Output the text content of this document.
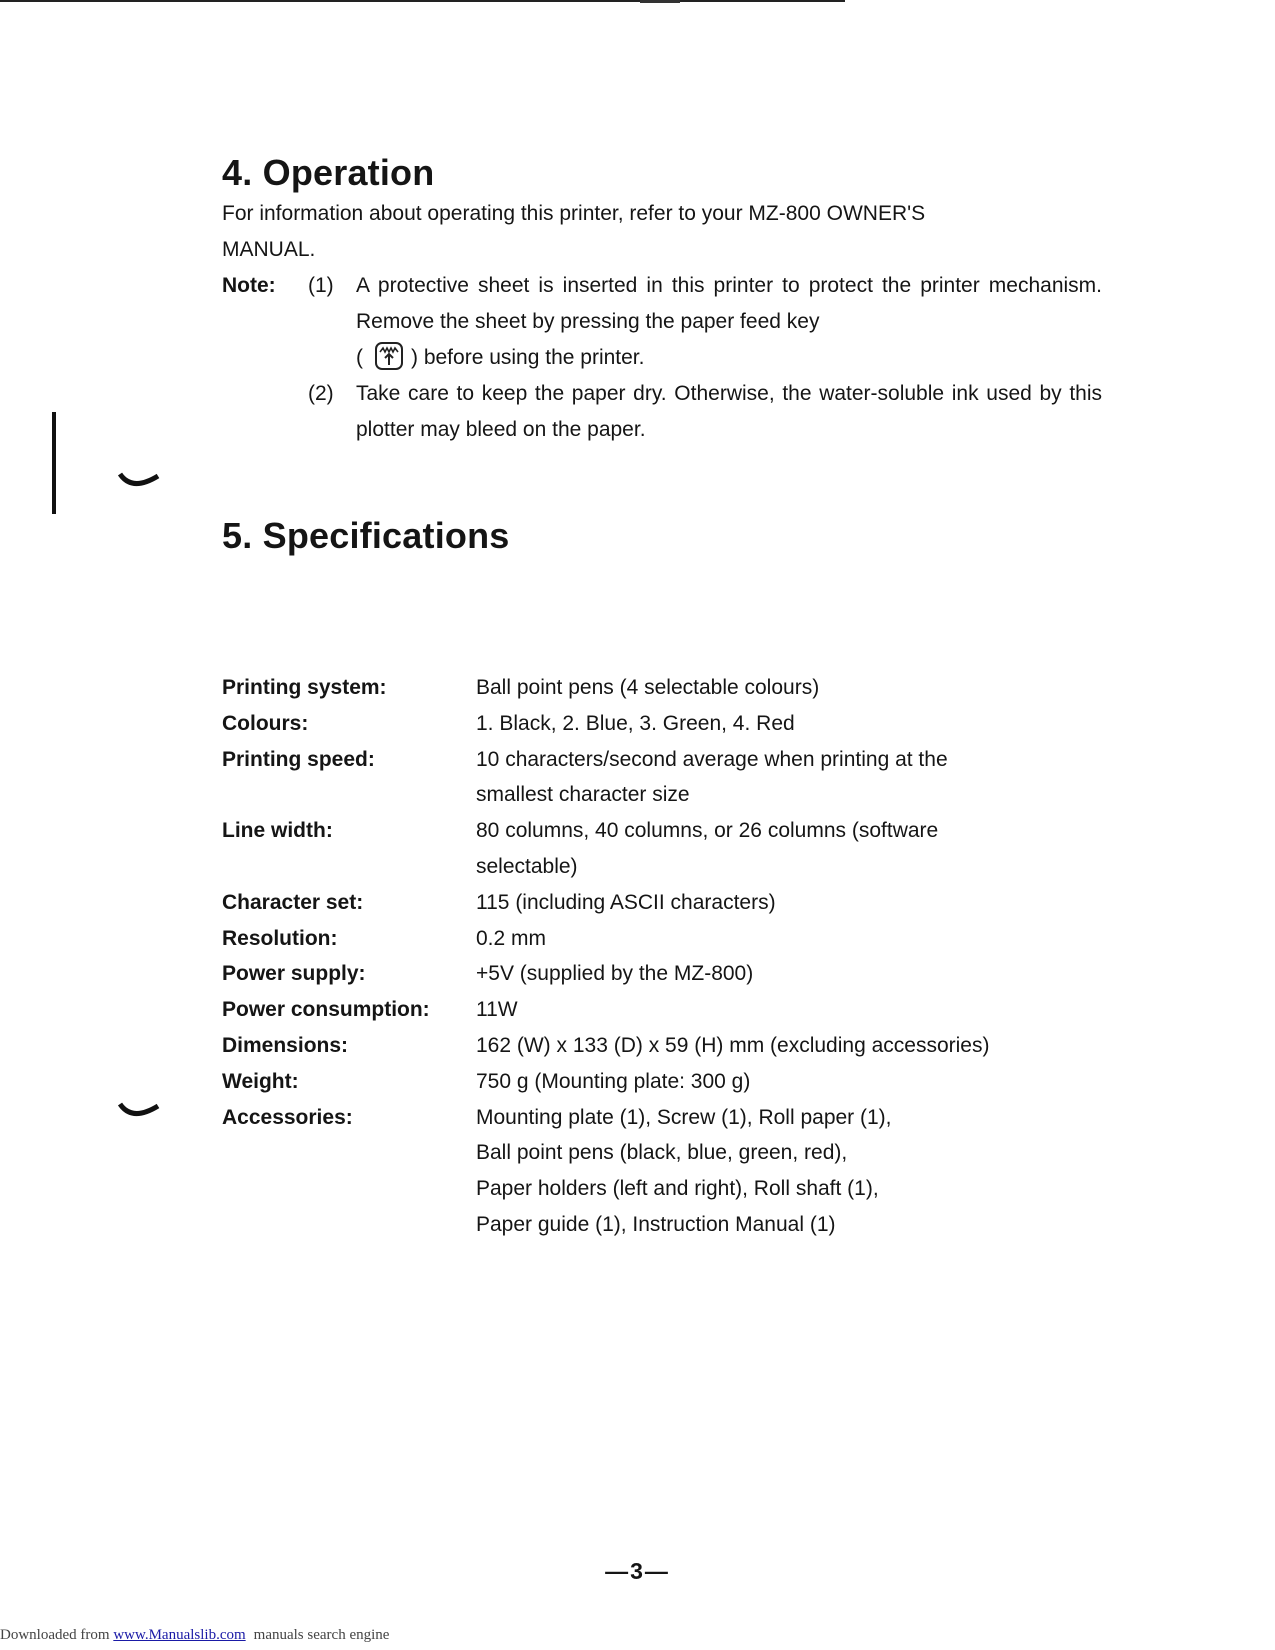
4. Operation

For information about operating this printer, refer to your MZ-800 OWNER'S

MANUAL.

Note:	(1)	A protective sheet is inserted in this printer to protect the printer mechanism. Remove the sheet by pressing the paper feed key
( ) before using the printer.
(2)	Take care to keep the paper dry. Otherwise, the water-soluble ink used by this plotter may bleed on the paper.
5. Specifications
Printing system:	Ball point pens (4 selectable colours)
Colours:	1. Black, 2. Blue, 3. Green, 4. Red
Printing speed:	10 characters/second average when printing at the
smallest character size
Line width:	80 columns, 40 columns, or 26 columns (software
selectable)
Character set:	115 (including ASCII characters)
Resolution:	0.2 mm
Power supply:	+5V (supplied by the MZ-800)
Power consumption:	11W
Dimensions:	162 (W) x 133 (D) x 59 (H) mm (excluding accessories)
Weight:	750 g (Mounting plate: 300 g)
Accessories:	Mounting plate (1), Screw (1), Roll paper (1),
Ball point pens (black, blue, green, red),
Paper holders (left and right), Roll shaft (1),
Paper guide (1), Instruction Manual (1)
—3—
Downloaded from www.Manualslib.com manuals search engine
